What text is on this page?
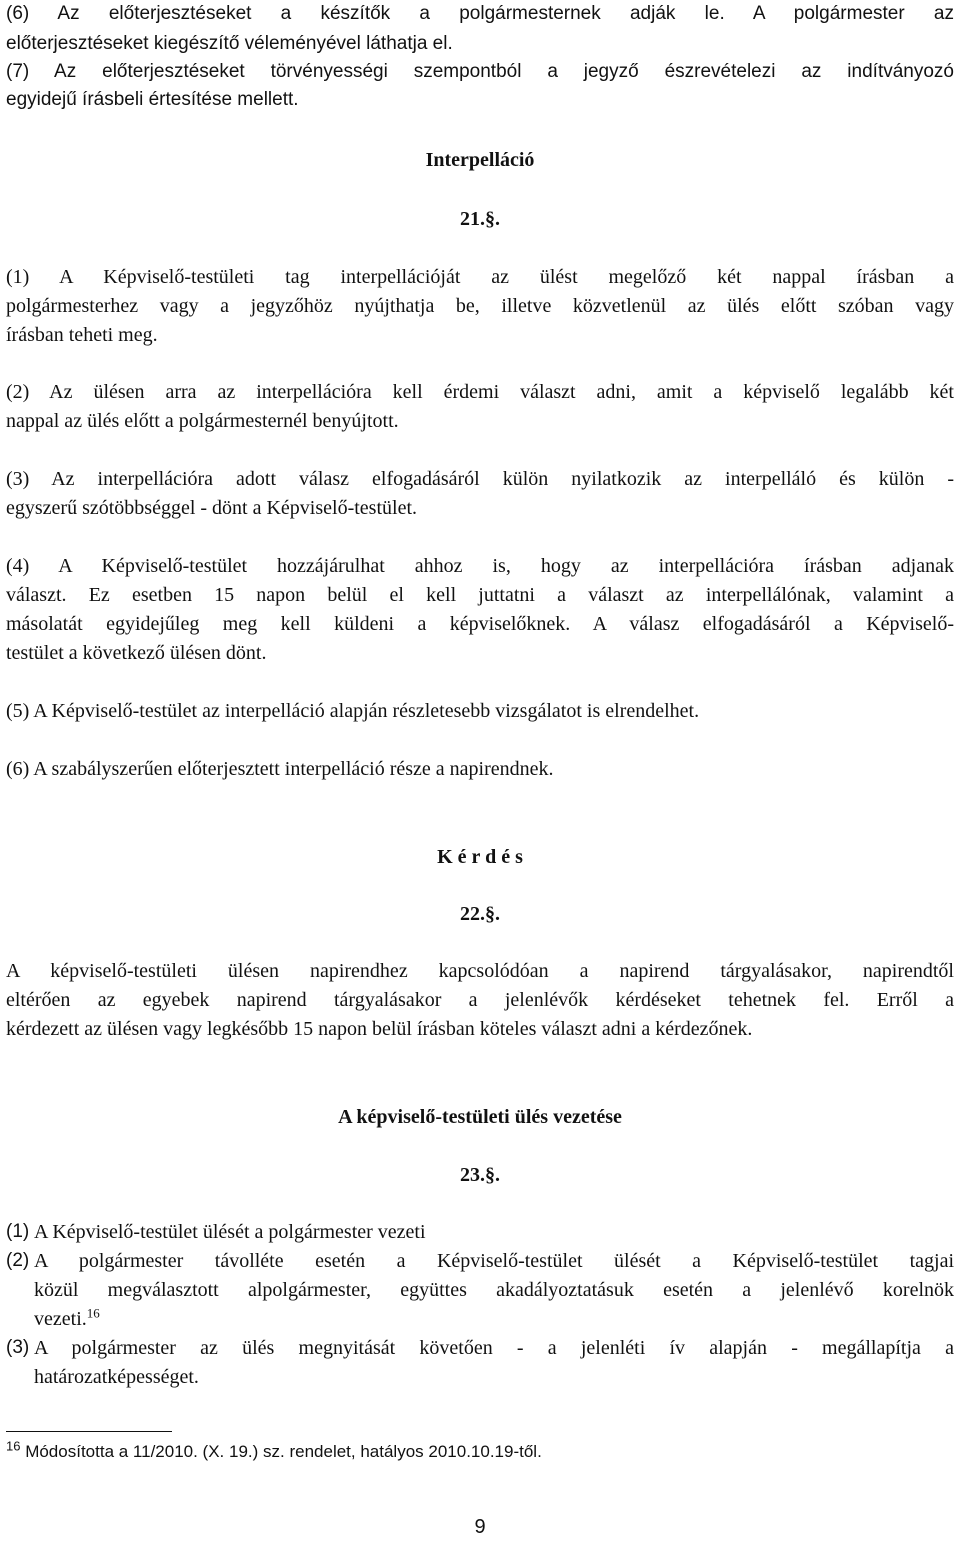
(6) Az előterjesztéseket a készítők a polgármesternek adják le. A polgármester az
előterjesztéseket kiegészítő véleményével láthatja el.
(7) Az előterjesztéseket törvényességi szempontból a jegyző észrevételezi az indítványozó
egyidejű írásbeli értesítése mellett.
Interpelláció
21.§.
(1) A Képviselő-testületi tag interpellációját az ülést megelőző két nappal írásban a
polgármesterhez vagy a jegyzőhöz nyújthatja be, illetve közvetlenül az ülés előtt szóban vagy
írásban teheti meg.
(2) Az ülésen arra az interpellációra kell érdemi választ adni, amit a képviselő legalább két
nappal az ülés előtt a polgármesternél benyújtott.
(3) Az interpellációra adott válasz elfogadásáról külön nyilatkozik az interpelláló és külön -
egyszerű szótöbbséggel - dönt a Képviselő-testület.
(4) A Képviselő-testület hozzájárulhat ahhoz is, hogy az interpellációra írásban adjanak
választ. Ez esetben 15 napon belül el kell juttatni a választ az interpellálónak, valamint a
másolatát egyidejűleg meg kell küldeni a képviselőknek. A válasz elfogadásáról a Képviselő-
testület a következő ülésen dönt.
(5) A Képviselő-testület az interpelláció alapján részletesebb vizsgálatot is elrendelhet.
(6) A szabályszerűen előterjesztett interpelláció része a napirendnek.
K é r d é s
22.§.
A képviselő-testületi ülésen napirendhez kapcsolódóan a napirend tárgyalásakor, napirendtől
eltérően az egyebek napirend tárgyalásakor a jelenlévők kérdéseket tehetnek fel. Erről a
kérdezett az ülésen vagy legkésőbb 15 napon belül írásban köteles választ adni a kérdezőnek.
A képviselő-testületi ülés vezetése
23.§.
(1) A Képviselő-testület ülését a polgármester vezeti
(2) A polgármester távolléte esetén a Képviselő-testület ülését a Képviselő-testület tagjai
közül megválasztott alpolgármester, együttes akadályoztatásuk esetén a jelenlévő korelnök
vezeti.$^{16}$
(3) A polgármester az ülés megnyitását követően - a jelenléti ív alapján - megállapítja a
határozatképességet.
$^{16}$ Módosította a 11/2010. (X. 19.) sz. rendelet, hatályos 2010.10.19-től.
9
